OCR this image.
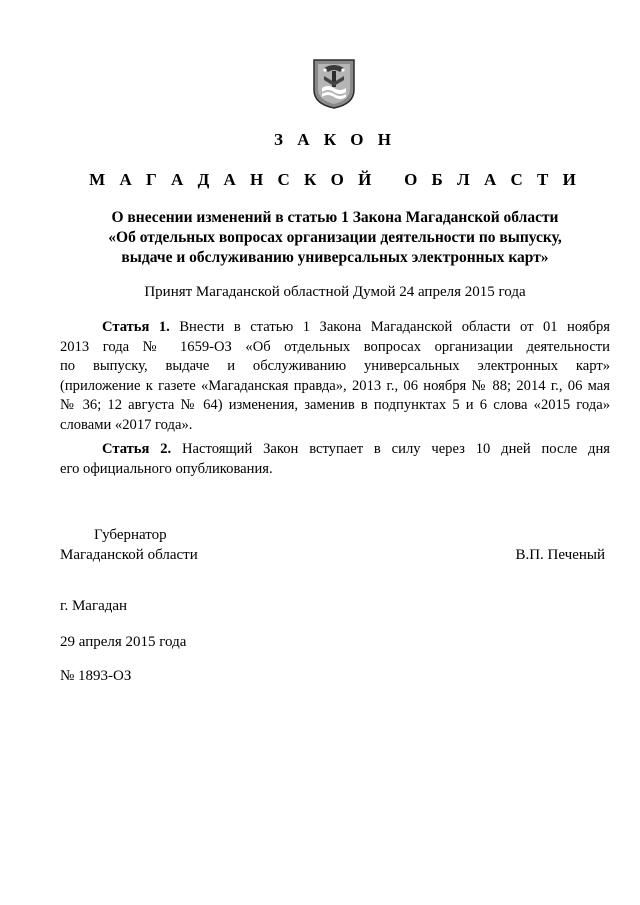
З А К О Н
М А Г А Д А Н С К О Й   О Б Л А С Т И
О внесении изменений в статью 1 Закона Магаданской области
«Об отдельных вопросах организации деятельности по выпуску,
выдаче и обслуживанию универсальных электронных карт»
Принят Магаданской областной Думой 24 апреля 2015 года
Статья 1. Внести в статью 1 Закона Магаданской области от 01 ноября
2013 года № 1659-ОЗ «Об отдельных вопросах организации деятельности
по выпуску, выдаче и обслуживанию универсальных электронных карт»
(приложение к газете «Магаданская правда», 2013 г., 06 ноября № 88; 2014 г., 06 мая
№ 36; 12 августа № 64) изменения, заменив в подпунктах 5 и 6 слова «2015 года»
словами «2017 года».
Статья 2. Настоящий Закон вступает в силу через 10 дней после дня
его официального опубликования.
Губернатор
Магаданской области	В.П. Печеный
г. Магадан
29 апреля 2015 года
№ 1893-ОЗ
